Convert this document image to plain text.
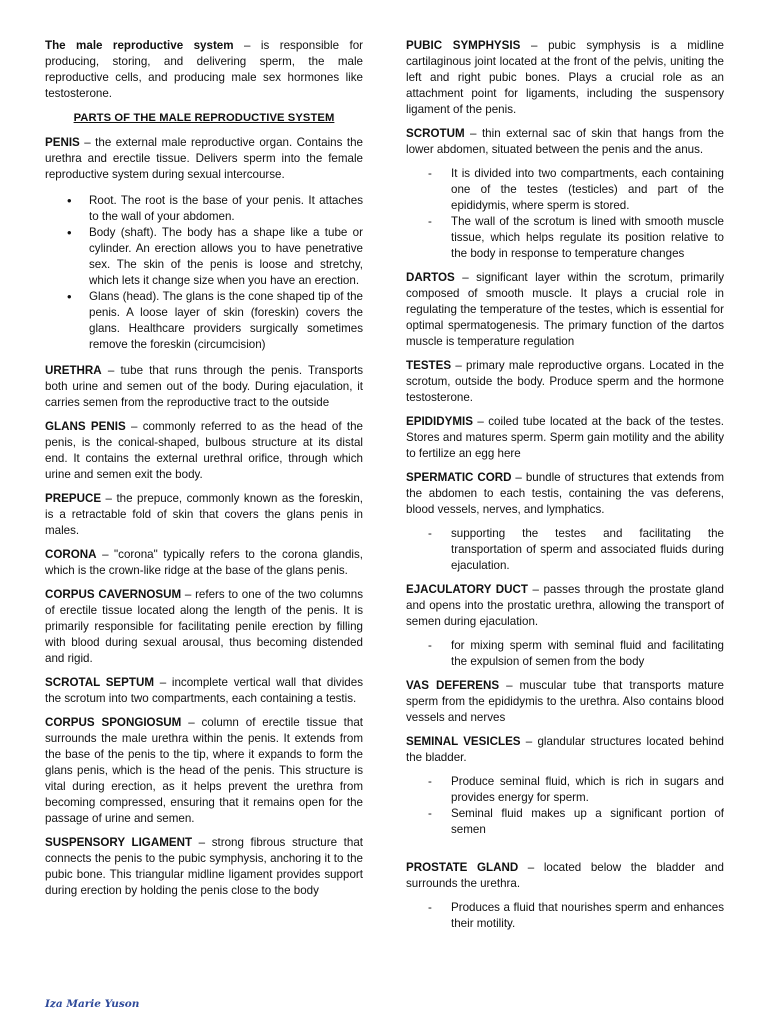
The male reproductive system – is responsible for producing, storing, and delivering sperm, the male reproductive cells, and producing male sex hormones like testosterone.

PARTS OF THE MALE REPRODUCTIVE SYSTEM

PENIS – the external male reproductive organ. Contains the urethra and erectile tissue. Delivers sperm into the female reproductive system during sexual intercourse.

• Root. The root is the base of your penis. It attaches to the wall of your abdomen.
• Body (shaft). The body has a shape like a tube or cylinder. An erection allows you to have penetrative sex. The skin of the penis is loose and stretchy, which lets it change size when you have an erection.
• Glans (head). The glans is the cone shaped tip of the penis. A loose layer of skin (foreskin) covers the glans. Healthcare providers surgically sometimes remove the foreskin (circumcision)

URETHRA – tube that runs through the penis. Transports both urine and semen out of the body. During ejaculation, it carries semen from the reproductive tract to the outside

GLANS PENIS – commonly referred to as the head of the penis, is the conical-shaped, bulbous structure at its distal end. It contains the external urethral orifice, through which urine and semen exit the body.

PREPUCE – the prepuce, commonly known as the foreskin, is a retractable fold of skin that covers the glans penis in males.

CORONA – "corona" typically refers to the corona glandis, which is the crown-like ridge at the base of the glans penis.

CORPUS CAVERNOSUM – refers to one of the two columns of erectile tissue located along the length of the penis. It is primarily responsible for facilitating penile erection by filling with blood during sexual arousal, thus becoming distended and rigid.

SCROTAL SEPTUM – incomplete vertical wall that divides the scrotum into two compartments, each containing a testis.

CORPUS SPONGIOSUM – column of erectile tissue that surrounds the male urethra within the penis. It extends from the base of the penis to the tip, where it expands to form the glans penis, which is the head of the penis. This structure is vital during erection, as it helps prevent the urethra from becoming compressed, ensuring that it remains open for the passage of urine and semen.

SUSPENSORY LIGAMENT – strong fibrous structure that connects the penis to the pubic symphysis, anchoring it to the pubic bone. This triangular midline ligament provides support during erection by holding the penis close to the body

PUBIC SYMPHYSIS – pubic symphysis is a midline cartilaginous joint located at the front of the pelvis, uniting the left and right pubic bones. Plays a crucial role as an attachment point for ligaments, including the suspensory ligament of the penis.

SCROTUM – thin external sac of skin that hangs from the lower abdomen, situated between the penis and the anus.

- It is divided into two compartments, each containing one of the testes (testicles) and part of the epididymis, where sperm is stored.
- The wall of the scrotum is lined with smooth muscle tissue, which helps regulate its position relative to the body in response to temperature changes

DARTOS – significant layer within the scrotum, primarily composed of smooth muscle. It plays a crucial role in regulating the temperature of the testes, which is essential for optimal spermatogenesis. The primary function of the dartos muscle is temperature regulation

TESTES – primary male reproductive organs. Located in the scrotum, outside the body. Produce sperm and the hormone testosterone.

EPIDIDYMIS – coiled tube located at the back of the testes. Stores and matures sperm. Sperm gain motility and the ability to fertilize an egg here

SPERMATIC CORD – bundle of structures that extends from the abdomen to each testis, containing the vas deferens, blood vessels, nerves, and lymphatics.

- supporting the testes and facilitating the transportation of sperm and associated fluids during ejaculation.

EJACULATORY DUCT – passes through the prostate gland and opens into the prostatic urethra, allowing the transport of semen during ejaculation.

- for mixing sperm with seminal fluid and facilitating the expulsion of semen from the body

VAS DEFERENS – muscular tube that transports mature sperm from the epididymis to the urethra. Also contains blood vessels and nerves

SEMINAL VESICLES – glandular structures located behind the bladder.

- Produce seminal fluid, which is rich in sugars and provides energy for sperm.
- Seminal fluid makes up a significant portion of semen

PROSTATE GLAND – located below the bladder and surrounds the urethra.

- Produces a fluid that nourishes sperm and enhances their motility.
Iza Marie Yuson
